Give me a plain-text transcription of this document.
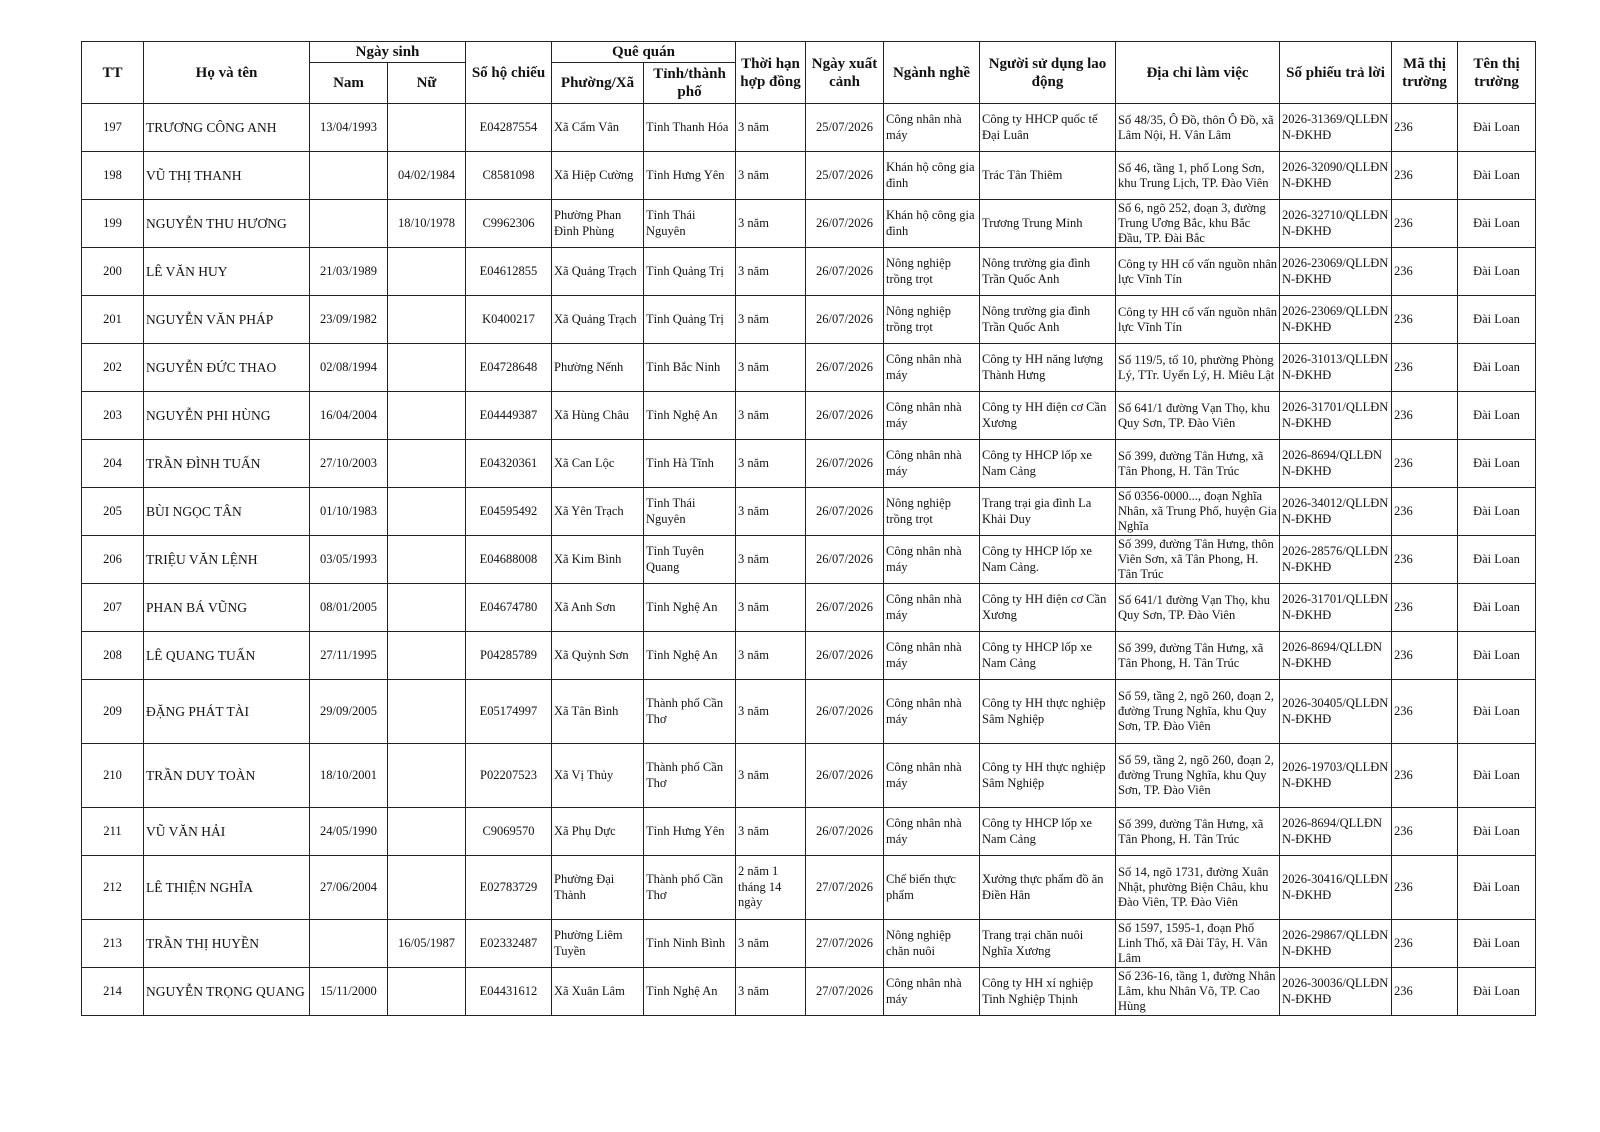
TT	Họ và tên	Ngày sinh		Số hộ chiếu	Quê quán		Thời hạn hợp đồng	Ngày xuất cảnh	Ngành nghề	Người sử dụng lao động	Địa chỉ làm việc	Số phiếu trả lời	Mã thị trường	Tên thị trường
		Nam	Nữ		Phường/Xã	Tỉnh/thành phố								
197	TRƯƠNG CÔNG ANH	13/04/1993		E04287554	Xã Cẩm Vân	Tỉnh Thanh Hóa	3 năm	25/07/2026	Công nhân nhà máy	Công ty HHCP quốc tế Đại Luân	Số 48/35, Ô Đồ, thôn Ô Đồ, xã Lâm Nội, H. Vân Lâm	2026-31369/QLLĐNN-ĐKHĐ	236	Đài Loan
198	VŨ THỊ THANH		04/02/1984	C8581098	Xã Hiệp Cường	Tỉnh Hưng Yên	3 năm	25/07/2026	Khán hộ công gia đình	Trác Tân Thiêm	Số 46, tầng 1, phố Long Sơn, khu Trung Lịch, TP. Đào Viên	2026-32090/QLLĐNN-ĐKHĐ	236	Đài Loan
199	NGUYỄN THU HƯƠNG		18/10/1978	C9962306	Phường Phan Đình Phùng	Tỉnh Thái Nguyên	3 năm	26/07/2026	Khán hộ công gia đình	Trương Trung Minh	Số 6, ngõ 252, đoạn 3, đường Trung Ương Bắc, khu Bắc Đầu, TP. Đài Bắc	2026-32710/QLLĐNN-ĐKHĐ	236	Đài Loan
200	LÊ VĂN HUY	21/03/1989		E04612855	Xã Quảng Trạch	Tỉnh Quảng Trị	3 năm	26/07/2026	Nông nghiệp trồng trọt	Nông trường gia đình Trần Quốc Anh	Công ty HH cố vấn nguồn nhân lực Vĩnh Tín	2026-23069/QLLĐNN-ĐKHĐ	236	Đài Loan
201	NGUYỄN VĂN PHÁP	23/09/1982		K0400217	Xã Quảng Trạch	Tỉnh Quảng Trị	3 năm	26/07/2026	Nông nghiệp trồng trọt	Nông trường gia đình Trần Quốc Anh	Công ty HH cố vấn nguồn nhân lực Vĩnh Tín	2026-23069/QLLĐNN-ĐKHĐ	236	Đài Loan
202	NGUYỄN ĐỨC THAO	02/08/1994		E04728648	Phường Nếnh	Tỉnh Bắc Ninh	3 năm	26/07/2026	Công nhân nhà máy	Công ty HH năng lượng Thành Hưng	Số 119/5, tổ 10, phường Phòng Lý, TTr. Uyển Lý, H. Miêu Lật	2026-31013/QLLĐNN-ĐKHĐ	236	Đài Loan
203	NGUYỄN PHI HÙNG	16/04/2004		E04449387	Xã Hùng Châu	Tỉnh Nghệ An	3 năm	26/07/2026	Công nhân nhà máy	Công ty HH điện cơ Cần Xương	Số 641/1 đường Vạn Thọ, khu Quy Sơn, TP. Đào Viên	2026-31701/QLLĐNN-ĐKHĐ	236	Đài Loan
204	TRẦN ĐÌNH TUẤN	27/10/2003		E04320361	Xã Can Lộc	Tỉnh Hà Tĩnh	3 năm	26/07/2026	Công nhân nhà máy	Công ty HHCP lốp xe Nam Cảng	Số 399, đường Tân Hưng, xã Tân Phong, H. Tân Trúc	2026-8694/QLLĐNN-ĐKHĐ	236	Đài Loan
205	BÙI NGỌC TÂN	01/10/1983		E04595492	Xã Yên Trạch	Tỉnh Thái Nguyên	3 năm	26/07/2026	Nông nghiệp trồng trọt	Trang trại gia đình La Khải Duy	Số 0356-0000..., đoạn Nghĩa Nhân, xã Trung Phố, huyện Gia Nghĩa	2026-34012/QLLĐNN-ĐKHĐ	236	Đài Loan
206	TRIỆU VĂN LỆNH	03/05/1993		E04688008	Xã Kim Bình	Tỉnh Tuyên Quang	3 năm	26/07/2026	Công nhân nhà máy	Công ty HHCP lốp xe Nam Cảng.	Số 399, đường Tân Hưng, thôn Viên Sơn, xã Tân Phong, H. Tân Trúc	2026-28576/QLLĐNN-ĐKHĐ	236	Đài Loan
207	PHAN BÁ VŨNG	08/01/2005		E04674780	Xã Anh Sơn	Tỉnh Nghệ An	3 năm	26/07/2026	Công nhân nhà máy	Công ty HH điện cơ Cần Xương	Số 641/1 đường Vạn Thọ, khu Quy Sơn, TP. Đào Viên	2026-31701/QLLĐNN-ĐKHĐ	236	Đài Loan
208	LÊ QUANG TUẤN	27/11/1995		P04285789	Xã Quỳnh Sơn	Tỉnh Nghệ An	3 năm	26/07/2026	Công nhân nhà máy	Công ty HHCP lốp xe Nam Cảng	Số 399, đường Tân Hưng, xã Tân Phong, H. Tân Trúc	2026-8694/QLLĐNN-ĐKHĐ	236	Đài Loan
209	ĐẶNG PHÁT TÀI	29/09/2005		E05174997	Xã Tân Bình	Thành phố Cần Thơ	3 năm	26/07/2026	Công nhân nhà máy	Công ty HH thực nghiệp Sâm Nghiệp	Số 59, tầng 2, ngõ 260, đoạn 2, đường Trung Nghĩa, khu Quy Sơn, TP. Đào Viên	2026-30405/QLLĐNN-ĐKHĐ	236	Đài Loan
210	TRẦN DUY TOÀN	18/10/2001		P02207523	Xã Vị Thủy	Thành phố Cần Thơ	3 năm	26/07/2026	Công nhân nhà máy	Công ty HH thực nghiệp Sâm Nghiệp	Số 59, tầng 2, ngõ 260, đoạn 2, đường Trung Nghĩa, khu Quy Sơn, TP. Đào Viên	2026-19703/QLLĐNN-ĐKHĐ	236	Đài Loan
211	VŨ VĂN HẢI	24/05/1990		C9069570	Xã Phụ Dực	Tỉnh Hưng Yên	3 năm	26/07/2026	Công nhân nhà máy	Công ty HHCP lốp xe Nam Cảng	Số 399, đường Tân Hưng, xã Tân Phong, H. Tân Trúc	2026-8694/QLLĐNN-ĐKHĐ	236	Đài Loan
212	LÊ THIỆN NGHĨA	27/06/2004		E02783729	Phường Đại Thành	Thành phố Cần Thơ	2 năm 1 tháng 14 ngày	27/07/2026	Chế biến thực phẩm	Xưởng thực phẩm đồ ăn Điền Hân	Số 14, ngõ 1731, đường Xuân Nhật, phường Biện Châu, khu Đào Viên, TP. Đào Viên	2026-30416/QLLĐNN-ĐKHĐ	236	Đài Loan
213	TRẦN THỊ HUYỀN		16/05/1987	E02332487	Phường Liêm Tuyền	Tỉnh Ninh Bình	3 năm	27/07/2026	Nông nghiệp chăn nuôi	Trang trại chăn nuôi Nghĩa Xương	Số 1597, 1595-1, đoạn Phố Linh Thố, xã Đài Tây, H. Vân Lâm	2026-29867/QLLĐNN-ĐKHĐ	236	Đài Loan
214	NGUYỄN TRỌNG QUANG	15/11/2000		E04431612	Xã Xuân Lâm	Tỉnh Nghệ An	3 năm	27/07/2026	Công nhân nhà máy	Công ty HH xí nghiệp Tinh Nghiệp Thịnh	Số 236-16, tầng 1, đường Nhân Lâm, khu Nhân Võ, TP. Cao Hùng	2026-30036/QLLĐNN-ĐKHĐ	236	Đài Loan
